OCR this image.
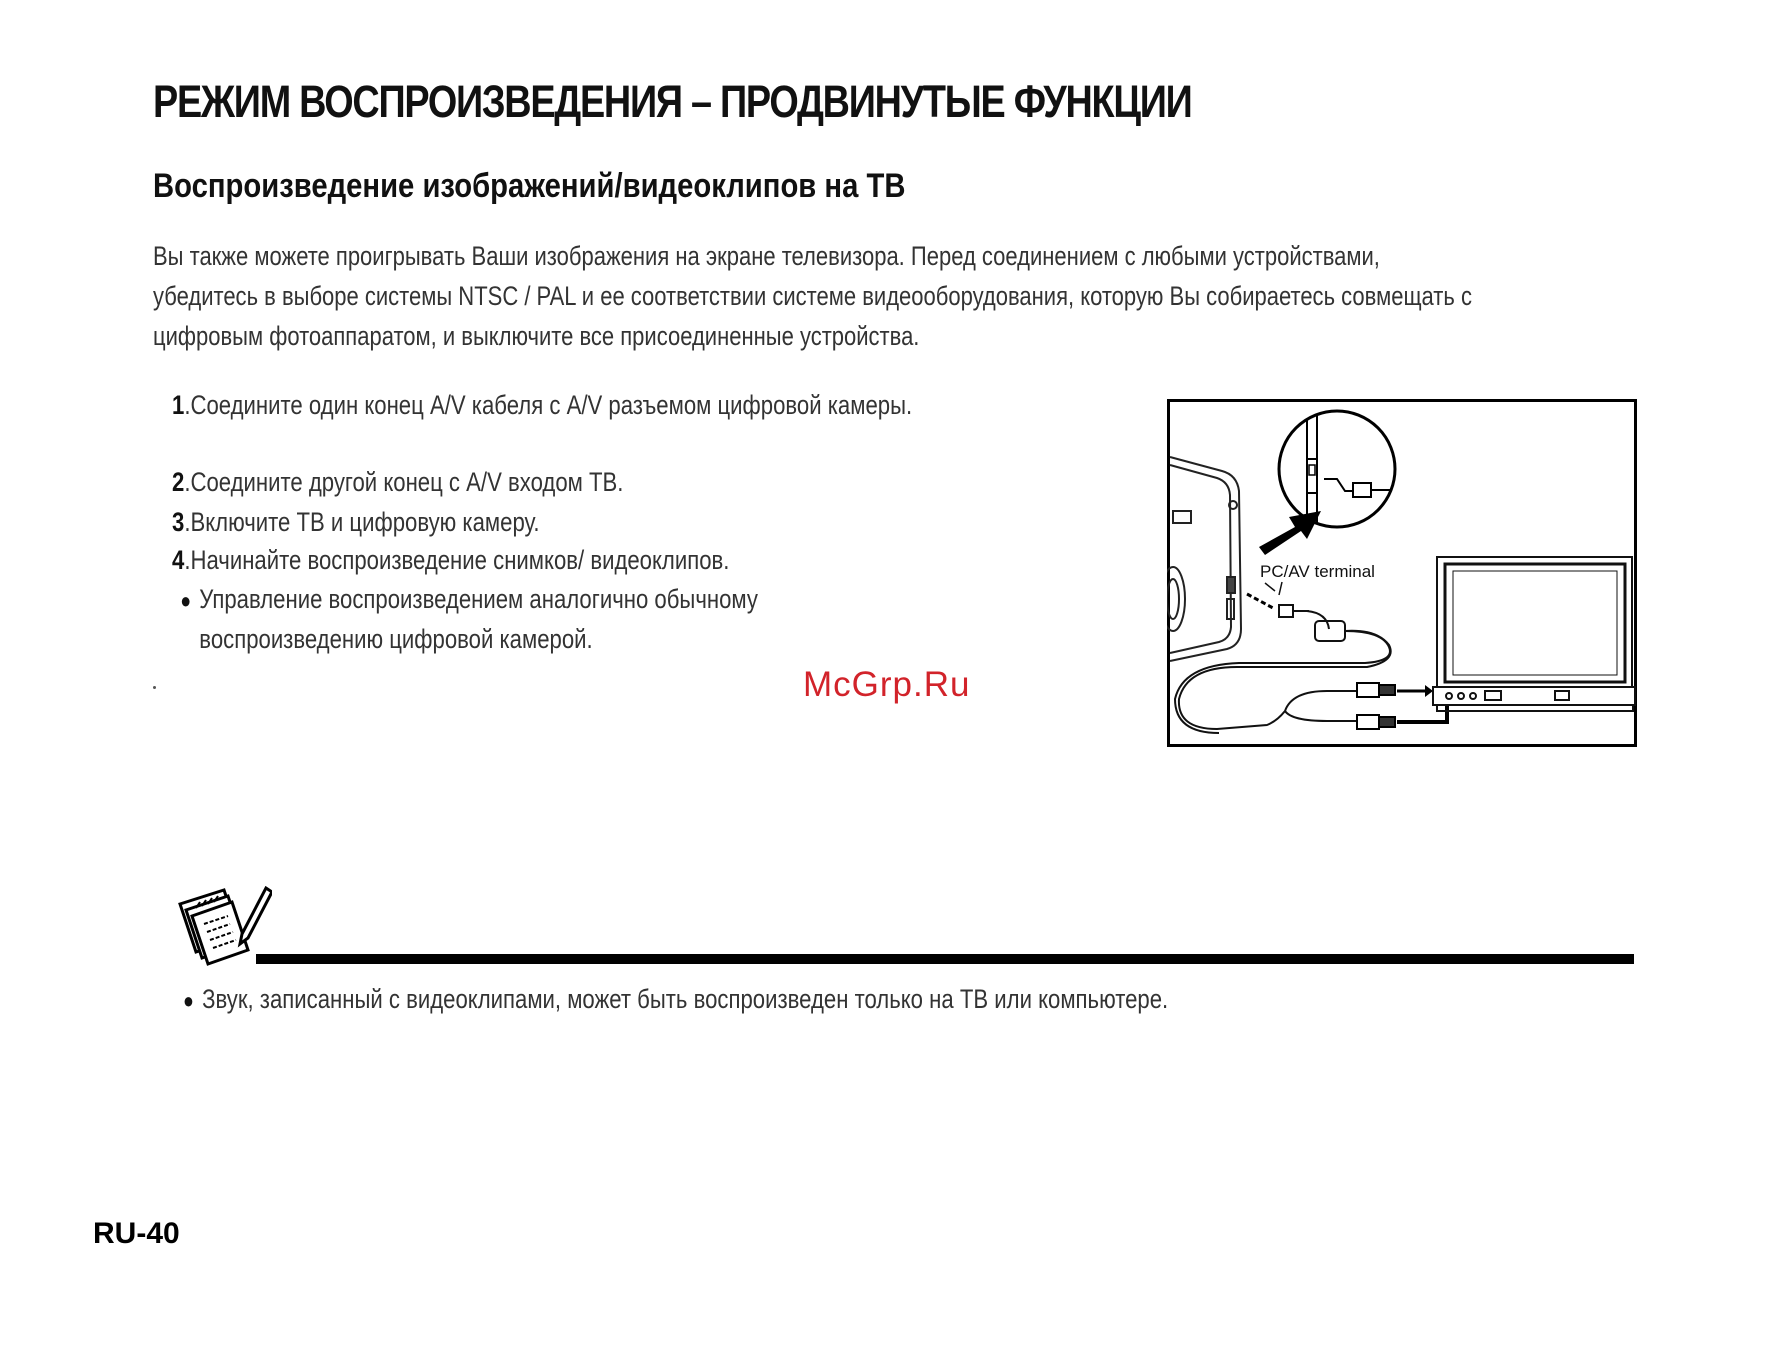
РЕЖИМ ВОСПРОИЗВЕДЕНИЯ – ПРОДВИНУТЫЕ ФУНКЦИИ
Воспроизведение изображений/видеоклипов на ТВ
Вы также можете проигрывать Ваши изображения на экране телевизора. Перед соединением с любыми устройствами,
убедитесь в выборе системы NTSC / PAL и ее соответствии системе видеооборудования, которую Вы собираетесь совмещать с
цифровым фотоаппаратом, и выключите все присоединенные устройства.
1.Соедините один конец A/V кабеля с A/V разъемом цифровой камеры.
2.Соедините другой конец с A/V входом ТВ.
3.Включите ТВ и цифровую камеру.
4.Начинайте воспроизведение снимков/ видеоклипов.
● Управление воспроизведением аналогично обычному
воспроизведению цифровой камерой.
McGrp.Ru
PC/AV terminal
● Звук, записанный с видеоклипами, может быть воспроизведен только на ТВ или компьютере.
RU-40
